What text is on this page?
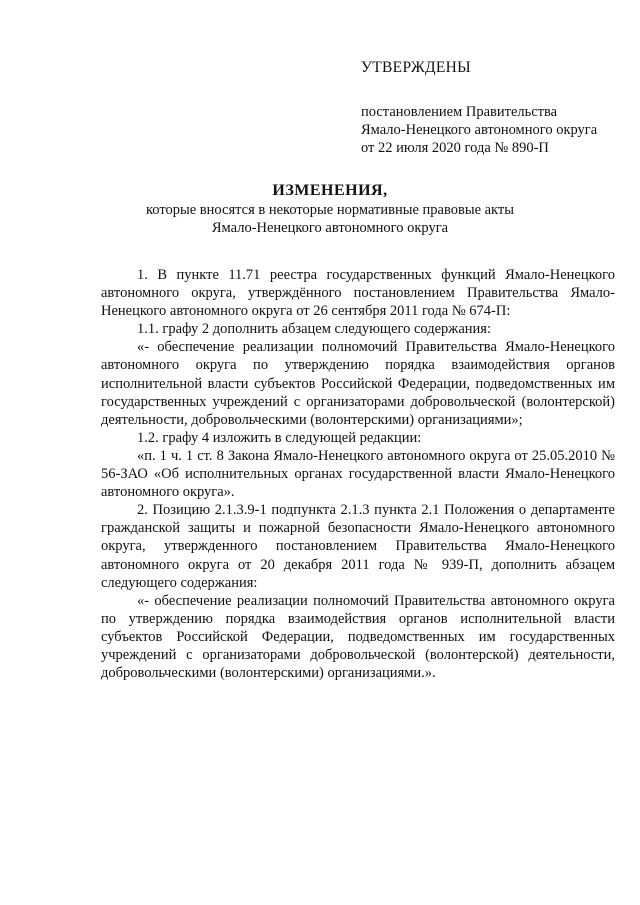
УТВЕРЖДЕНЫ
постановлением Правительства
Ямало-Ненецкого автономного округа
от 22 июля 2020 года № 890-П
ИЗМЕНЕНИЯ,
которые вносятся в некоторые нормативные правовые акты
Ямало-Ненецкого автономного округа

1. В пункте 11.71 реестра государственных функций Ямало-Ненецкого автономного округа, утверждённого постановлением Правительства Ямало-Ненецкого автономного округа от 26 сентября 2011 года № 674-П:

1.1. графу 2 дополнить абзацем следующего содержания:

«- обеспечение реализации полномочий Правительства Ямало-Ненецкого автономного округа по утверждению порядка взаимодействия органов исполнительной власти субъектов Российской Федерации, подведомственных им государственных учреждений с организаторами добровольческой (волонтерской) деятельности, добровольческими (волонтерскими) организациями»;

1.2. графу 4 изложить в следующей редакции:

«п. 1 ч. 1 ст. 8 Закона Ямало-Ненецкого автономного округа от 25.05.2010 № 56-ЗАО «Об исполнительных органах государственной власти Ямало-Ненецкого автономного округа».

2. Позицию 2.1.3.9-1 подпункта 2.1.3 пункта 2.1 Положения о департаменте гражданской защиты и пожарной безопасности Ямало-Ненецкого автономного округа, утвержденного постановлением Правительства Ямало-Ненецкого автономного округа от 20 декабря 2011 года № 939-П, дополнить абзацем следующего содержания:

«- обеспечение реализации полномочий Правительства автономного округа по утверждению порядка взаимодействия органов исполнительной власти субъектов Российской Федерации, подведомственных им государственных учреждений с организаторами добровольческой (волонтерской) деятельности, добровольческими (волонтерскими) организациями.».
